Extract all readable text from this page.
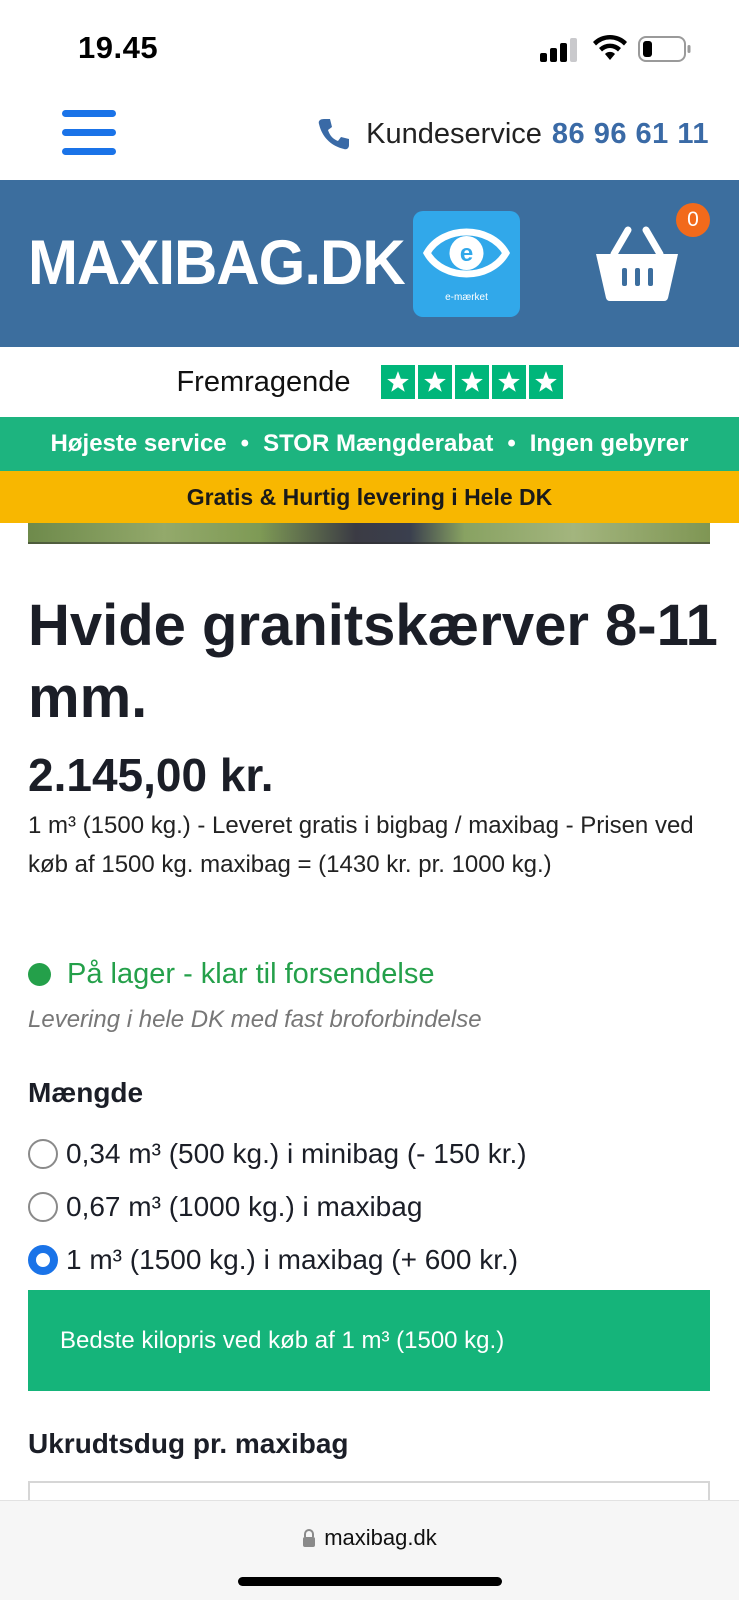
19.45
Kundeservice 86 96 61 11
MAXIBAG.DK e
e-mærket
0
Fremragende
Højeste service • STOR Mængderabat • Ingen gebyrer
Gratis & Hurtig levering i Hele DK
Hvide granitskærver 8-11 mm.
2.145,00 kr.

1 m³ (1500 kg.) - Leveret gratis i bigbag / maxibag - Prisen ved køb af 1500 kg. maxibag = (1430 kr. pr. 1000 kg.)

På lager - klar til forsendelse
Levering i hele DK med fast broforbindelse
Mængde
0,34 m³ (500 kg.) i minibag (- 150 kr.)
0,67 m³ (1000 kg.) i maxibag
1 m³ (1500 kg.) i maxibag (+ 600 kr.)
Bedste kilopris ved køb af 1 m³ (1500 kg.)
Ukrudtsdug pr. maxibag
maxibag.dk
